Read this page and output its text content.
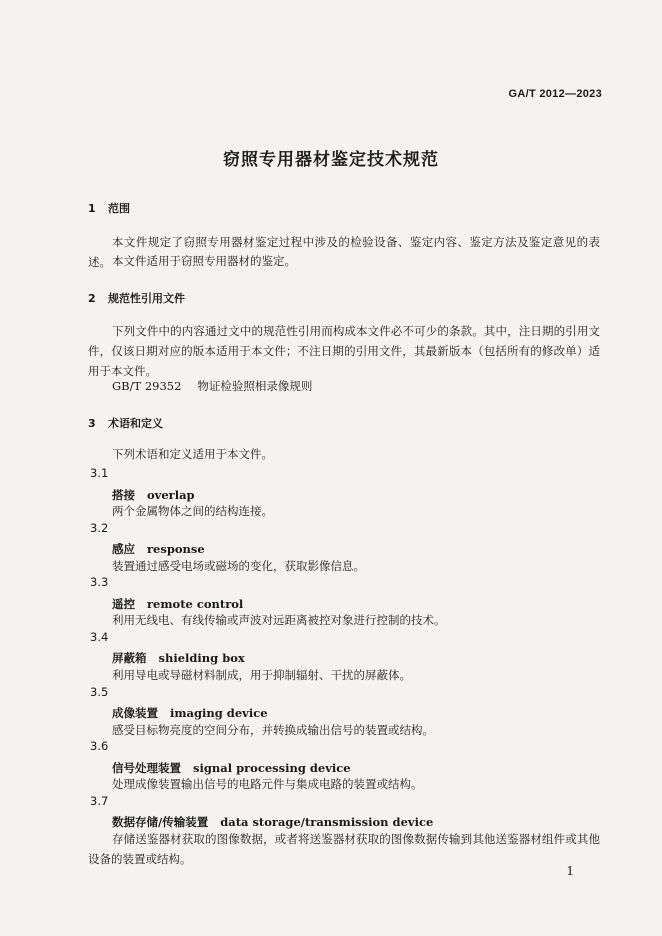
GA/T 2012—2023
窃照专用器材鉴定技术规范
1 范围
本文件规定了窃照专用器材鉴定过程中涉及的检验设备、鉴定内容、鉴定方法及鉴定意见的表述。 本文件适用于窃照专用器材的鉴定。
2 规范性引用文件
下列文件中的内容通过文中的规范性引用而构成本文件必不可少的条款。其中，注日期的引用文件，仅该日期对应的版本适用于本文件；不注日期的引用文件，其最新版本（包括所有的修改单）适用于本文件。
GB/T 29352 物证检验照相录像规则
3 术语和定义
下列术语和定义适用于本文件。
3.1
搭接 overlap
两个金属物体之间的结构连接。
3.2
感应 response
装置通过感受电场或磁场的变化，获取影像信息。
3.3
遥控 remote control
利用无线电、有线传输或声波对远距离被控对象进行控制的技术。
3.4
屏蔽箱 shielding box
利用导电或导磁材料制成，用于抑制辐射、干扰的屏蔽体。
3.5
成像装置 imaging device
感受目标物亮度的空间分布，并转换成输出信号的装置或结构。
3.6
信号处理装置 signal processing device
处理成像装置输出信号的电路元件与集成电路的装置或结构。
3.7
数据存储/传输装置 data storage/transmission device
存储送鉴器材获取的图像数据，或者将送鉴器材获取的图像数据传输到其他送鉴器材组件或其他设备的装置或结构。
1
